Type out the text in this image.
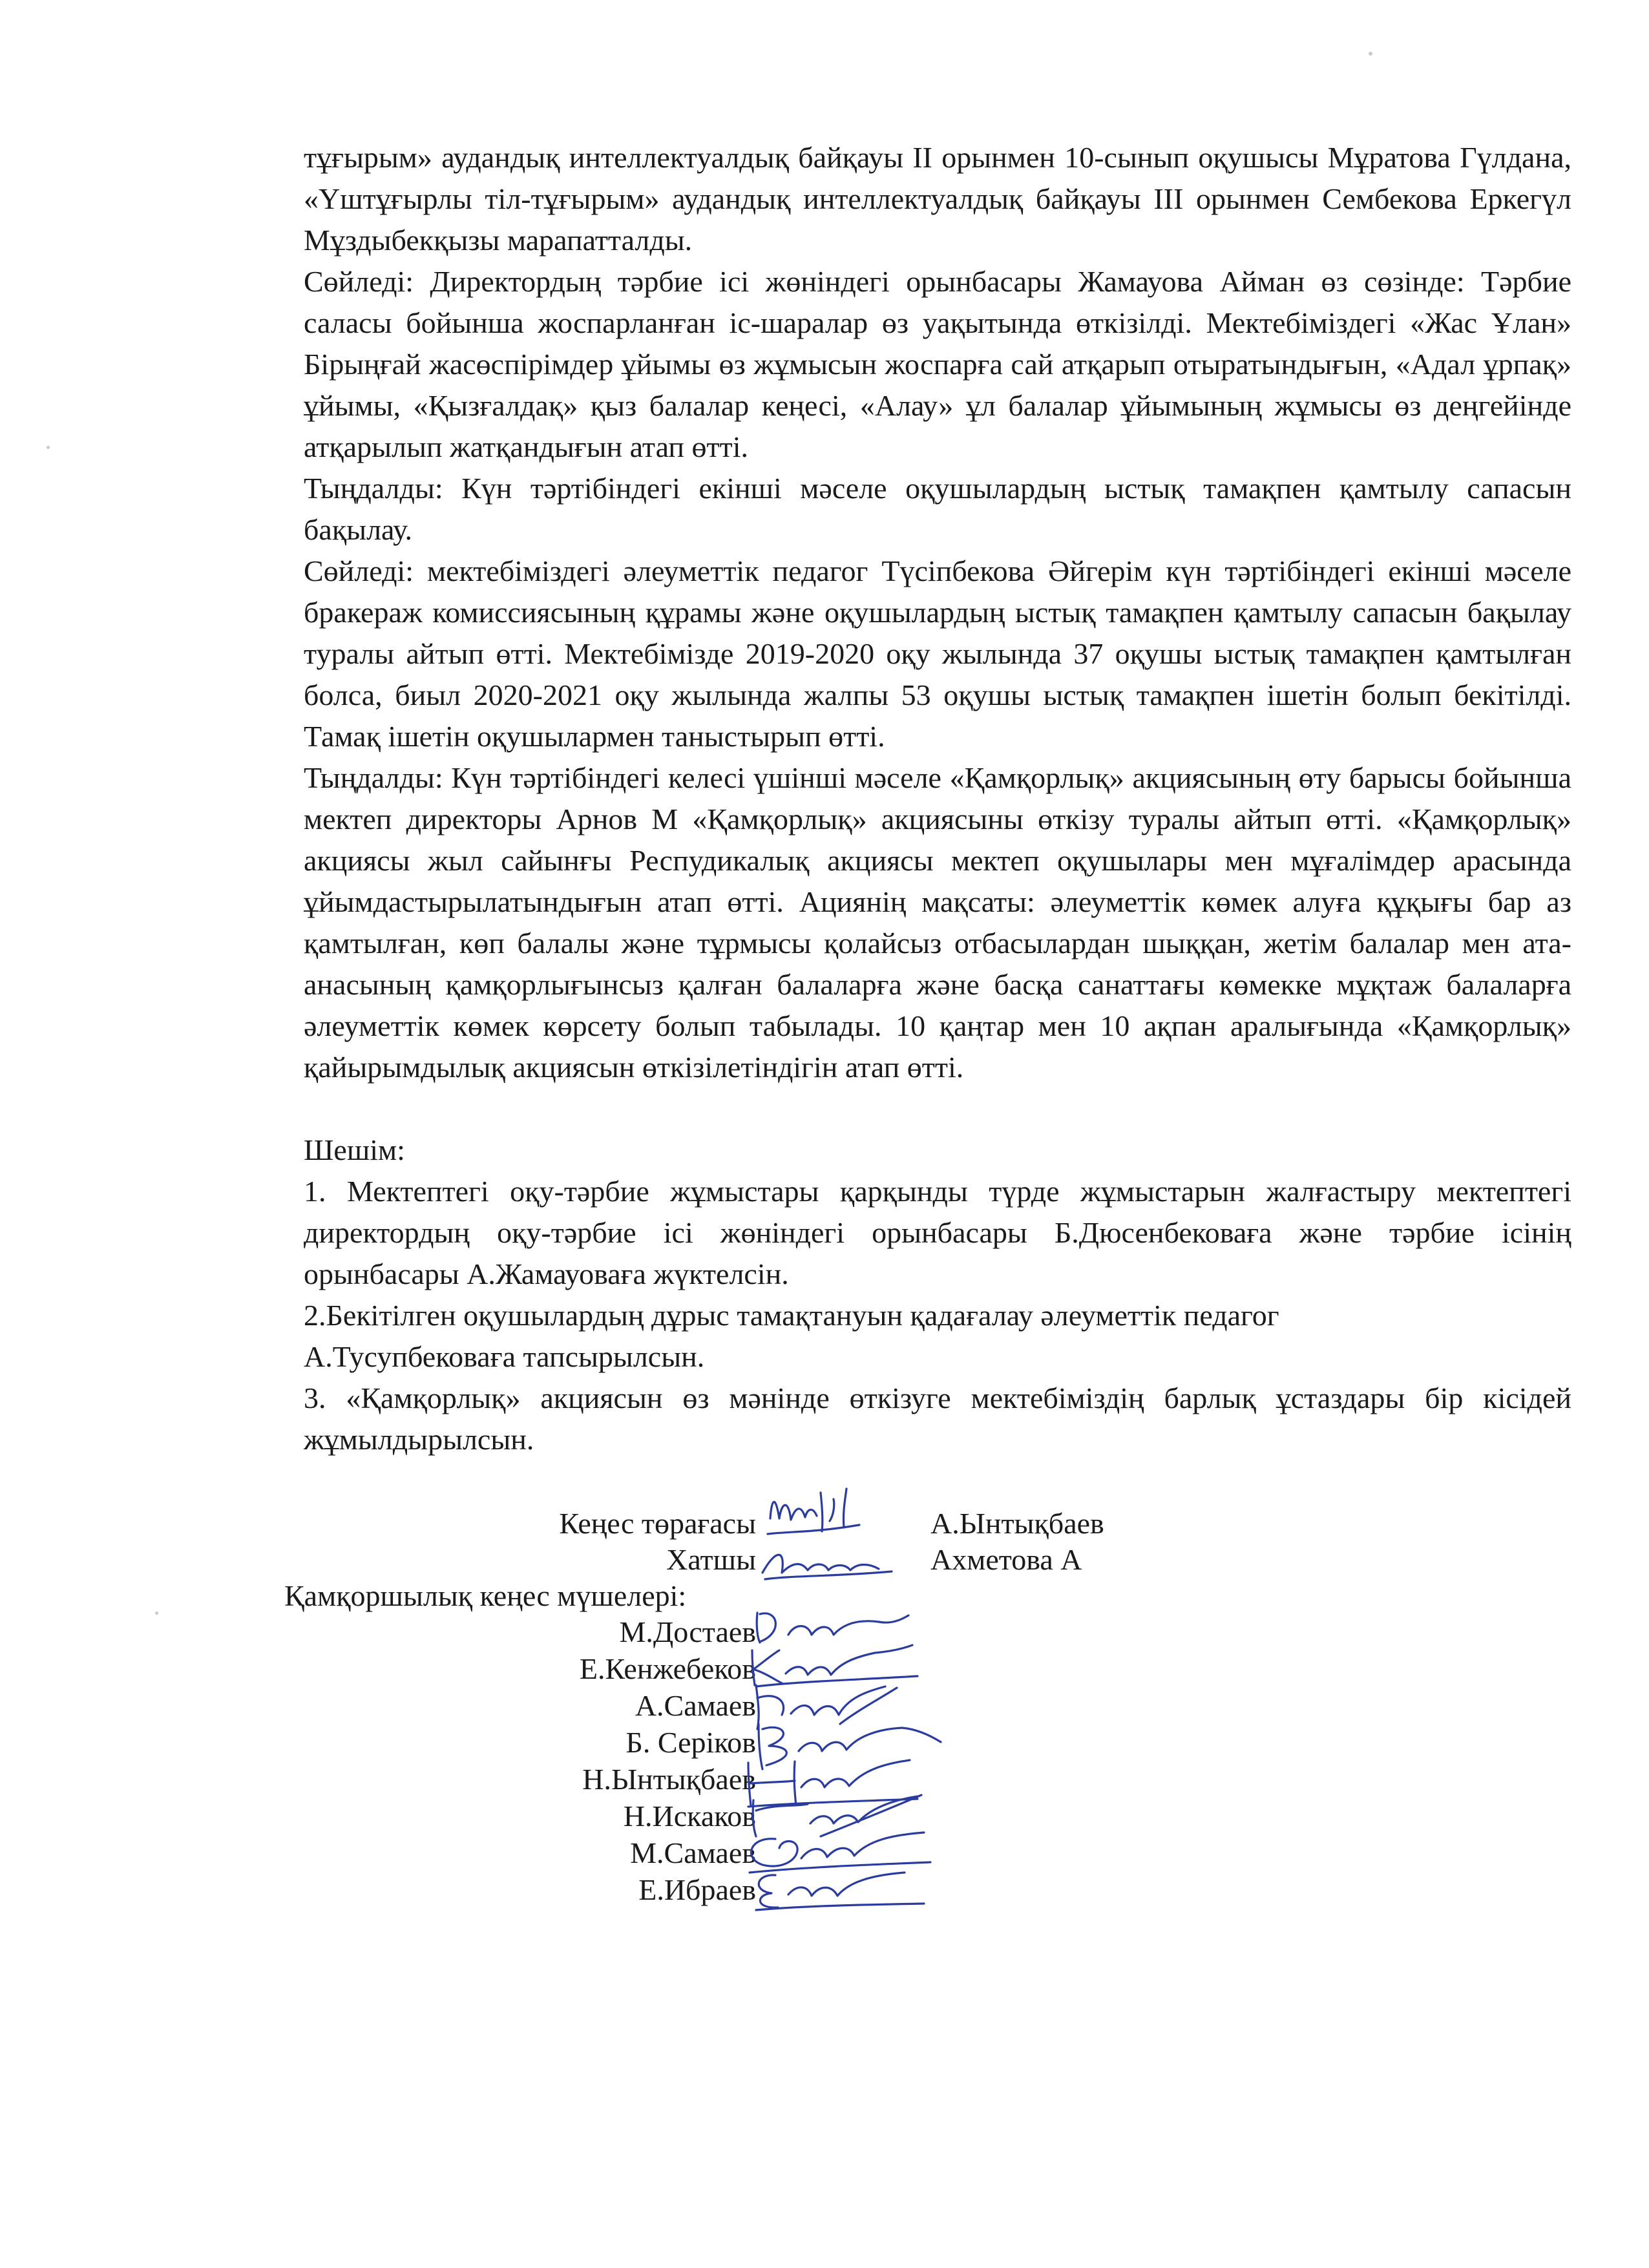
тұғырым» аудандық интеллектуалдық байқауы ІІ орынмен 10-сынып оқушысы Мұратова Гүлдана, «Үштұғырлы тіл-тұғырым» аудандық интеллектуалдық байқауы ІІІ орынмен Сембекова Еркегүл Мұздыбекқызы марапатталды.

Сөйледі: Директордың тәрбие ісі жөніндегі орынбасары Жамауова Айман өз сөзінде: Тәрбие саласы бойынша жоспарланған іс-шаралар өз уақытында өткізілді. Мектебіміздегі «Жас Ұлан» Бірыңғай жасөспірімдер ұйымы өз жұмысын жоспарға сай атқарып отыратындығын, «Адал ұрпақ» ұйымы, «Қызғалдақ» қыз балалар кеңесі, «Алау» ұл балалар ұйымының жұмысы өз деңгейінде атқарылып жатқандығын атап өтті.

Тыңдалды: Күн тәртібіндегі екінші мәселе оқушылардың ыстық тамақпен қамтылу сапасын бақылау.

Сөйледі: мектебіміздегі әлеуметтік педагог Түсіпбекова Әйгерім күн тәртібіндегі екінші мәселе бракераж комиссиясының құрамы және оқушылардың ыстық тамақпен қамтылу сапасын бақылау туралы айтып өтті. Мектебімізде 2019-2020 оқу жылында 37 оқушы ыстық тамақпен қамтылған болса, биыл 2020-2021 оқу жылында жалпы 53 оқушы ыстық тамақпен ішетін болып бекітілді. Тамақ ішетін оқушылармен таныстырып өтті.

Тыңдалды: Күн тәртібіндегі келесі үшінші мәселе «Қамқорлық» акциясының өту барысы бойынша мектеп директоры Арнов М «Қамқорлық» акциясыны өткізу туралы айтып өтті. «Қамқорлық» акциясы жыл сайынғы Респудикалық акциясы мектеп оқушылары мен мұғалімдер арасында ұйымдастырылатындығын атап өтті. Ациянің мақсаты: әлеуметтік көмек алуға құқығы бар аз қамтылған, көп балалы және тұрмысы қолайсыз отбасылардан шыққан, жетім балалар мен ата-анасының қамқорлығынсыз қалған балаларға және басқа санаттағы көмекке мұқтаж балаларға әлеуметтік көмек көрсету болып табылады. 10 қаңтар мен 10 ақпан аралығында «Қамқорлық» қайырымдылық акциясын өткізілетіндігін атап өтті.

Шешім:

1. Мектептегі оқу-тәрбие жұмыстары қарқынды түрде жұмыстарын жалғастыру мектептегі директордың оқу-тәрбие ісі жөніндегі орынбасары Б.Дюсенбековаға және тәрбие ісінің орынбасары А.Жамауоваға жүктелсін.

2.Бекітілген оқушылардың дұрыс тамақтануын қадағалау әлеуметтік педагог

А.Тусупбековаға тапсырылсын.

3. «Қамқорлық» акциясын өз мәнінде өткізуге мектебіміздің барлық ұстаздары бір кісідей жұмылдырылсын.

Кеңес төрағасы	А.Ынтықбаев
Хатшы	Ахметова А
Қамқоршылық кеңес мүшелері:
М.Достаев
Е.Кенжебеков
А.Самаев
Б. Серіков
Н.Ынтықбаев
Н.Искаков
М.Самаев
Е.Ибраев
